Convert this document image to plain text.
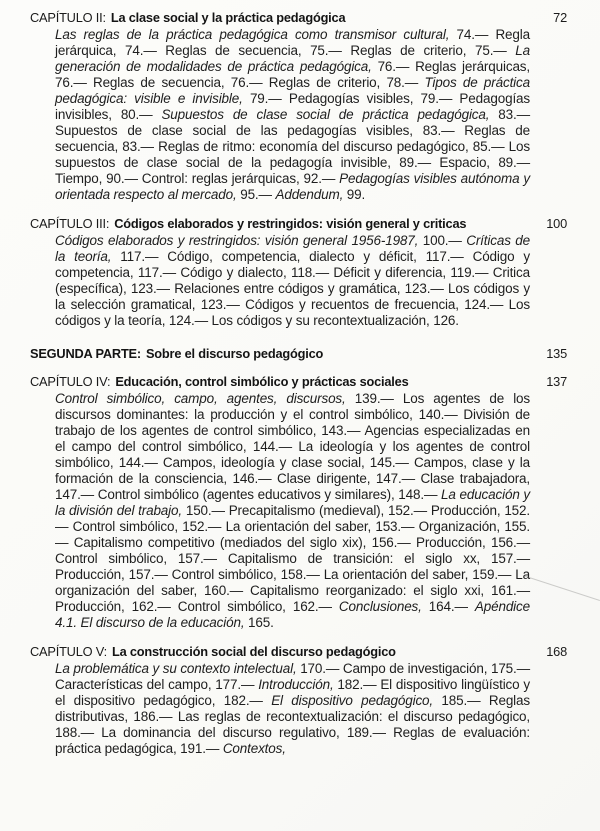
CAPÍTULO II: La clase social y la práctica pedagógica	72

Las reglas de la práctica pedagógica como transmisor cultural, 74.— Regla jerárquica, 74.— Reglas de secuencia, 75.— Reglas de criterio, 75.— La generación de modalidades de práctica pedagógica, 76.— Reglas jerárquicas, 76.— Reglas de secuencia, 76.— Reglas de criterio, 78.— Tipos de práctica pedagógica: visible e invisible, 79.— Pedagogías visibles, 79.— Pedagogías invisibles, 80.— Supuestos de clase social de práctica pedagógica, 83.— Supuestos de clase social de las pedagogías visibles, 83.— Reglas de secuencia, 83.— Reglas de ritmo: economía del discurso pedagógico, 85.— Los supuestos de clase social de la pedagogía invisible, 89.— Espacio, 89.— Tiempo, 90.— Control: reglas jerárquicas, 92.— Pedagogías visibles autónoma y orientada respecto al mercado, 95.— Addendum, 99.

CAPÍTULO III: Códigos elaborados y restringidos: visión general y criticas	100

Códigos elaborados y restringidos: visión general 1956-1987, 100.— Críticas de la teoría, 117.— Código, competencia, dialecto y déficit, 117.— Código y competencia, 117.— Código y dialecto, 118.— Déficit y diferencia, 119.— Critica (específica), 123.— Relaciones entre códigos y gramática, 123.— Los códigos y la selección gramatical, 123.— Códigos y recuentos de frecuencia, 124.— Los códigos y la teoría, 124.— Los códigos y su recontextualización, 126.

SEGUNDA PARTE: Sobre el discurso pedagógico	135
CAPÍTULO IV: Educación, control simbólico y prácticas sociales	137

Control simbólico, campo, agentes, discursos, 139.— Los agentes de los discursos dominantes: la producción y el control simbólico, 140.— División de trabajo de los agentes de control simbólico, 143.— Agencias especializadas en el campo del control simbólico, 144.— La ideología y los agentes de control simbólico, 144.— Campos, ideología y clase social, 145.— Campos, clase y la formación de la consciencia, 146.— Clase dirigente, 147.— Clase trabajadora, 147.— Control simbólico (agentes educativos y similares), 148.— La educación y la división del trabajo, 150.— Precapitalismo (medieval), 152.— Producción, 152.— Control simbólico, 152.— La orientación del saber, 153.— Organización, 155.— Capitalismo competitivo (mediados del siglo xix), 156.— Producción, 156.— Control simbólico, 157.— Capitalismo de transición: el siglo xx, 157.— Producción, 157.— Control simbólico, 158.— La orientación del saber, 159.— La organización del saber, 160.— Capitalismo reorganizado: el siglo xxi, 161.— Producción, 162.— Control simbólico, 162.— Conclusiones, 164.— Apéndice 4.1. El discurso de la educación, 165.

CAPÍTULO V: La construcción social del discurso pedagógico	168

La problemática y su contexto intelectual, 170.— Campo de investigación, 175.— Características del campo, 177.— Introducción, 182.— El dispositivo lingüístico y el dispositivo pedagógico, 182.— El dispositivo pedagógico, 185.— Reglas distributivas, 186.— Las reglas de recontextualización: el discurso pedagógico, 188.— La dominancia del discurso regulativo, 189.— Reglas de evaluación: práctica pedagógica, 191.— Contextos,
